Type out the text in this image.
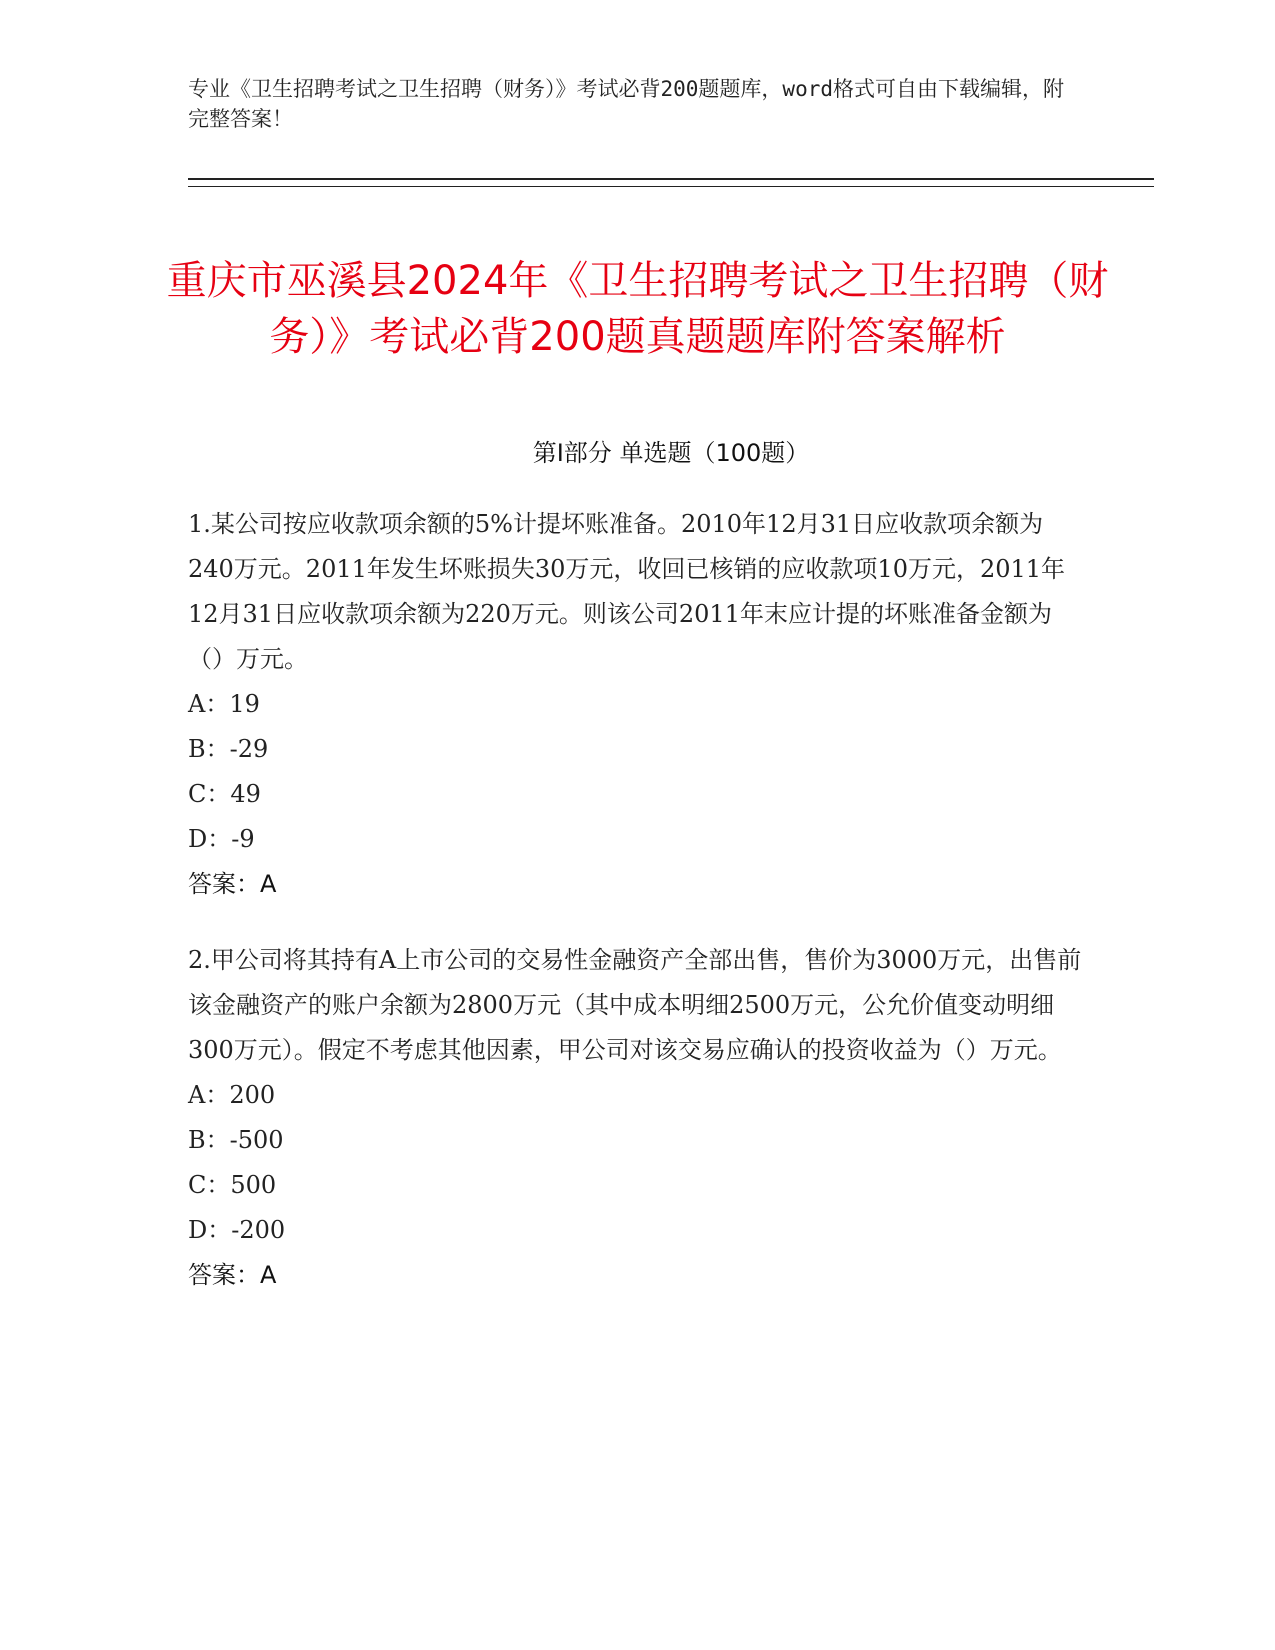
专业《卫生招聘考试之卫生招聘（财务）》考试必背200题题库，word格式可自由下载编辑，附完整答案！
重庆市巫溪县2024年《卫生招聘考试之卫生招聘（财务）》考试必背200题真题题库附答案解析
第Ⅰ部分 单选题（100题）

1.某公司按应收款项余额的5%计提坏账准备。2010年12月31日应收款项余额为240万元。2011年发生坏账损失30万元，收回已核销的应收款项10万元，2011年12月31日应收款项余额为220万元。则该公司2011年末应计提的坏账准备金额为（）万元。

A：19

B：-29

C：49

D：-9

答案：A

2.甲公司将其持有A上市公司的交易性金融资产全部出售，售价为3000万元，出售前该金融资产的账户余额为2800万元（其中成本明细2500万元，公允价值变动明细300万元）。假定不考虑其他因素，甲公司对该交易应确认的投资收益为（）万元。

A：200

B：-500

C：500

D：-200

答案：A
